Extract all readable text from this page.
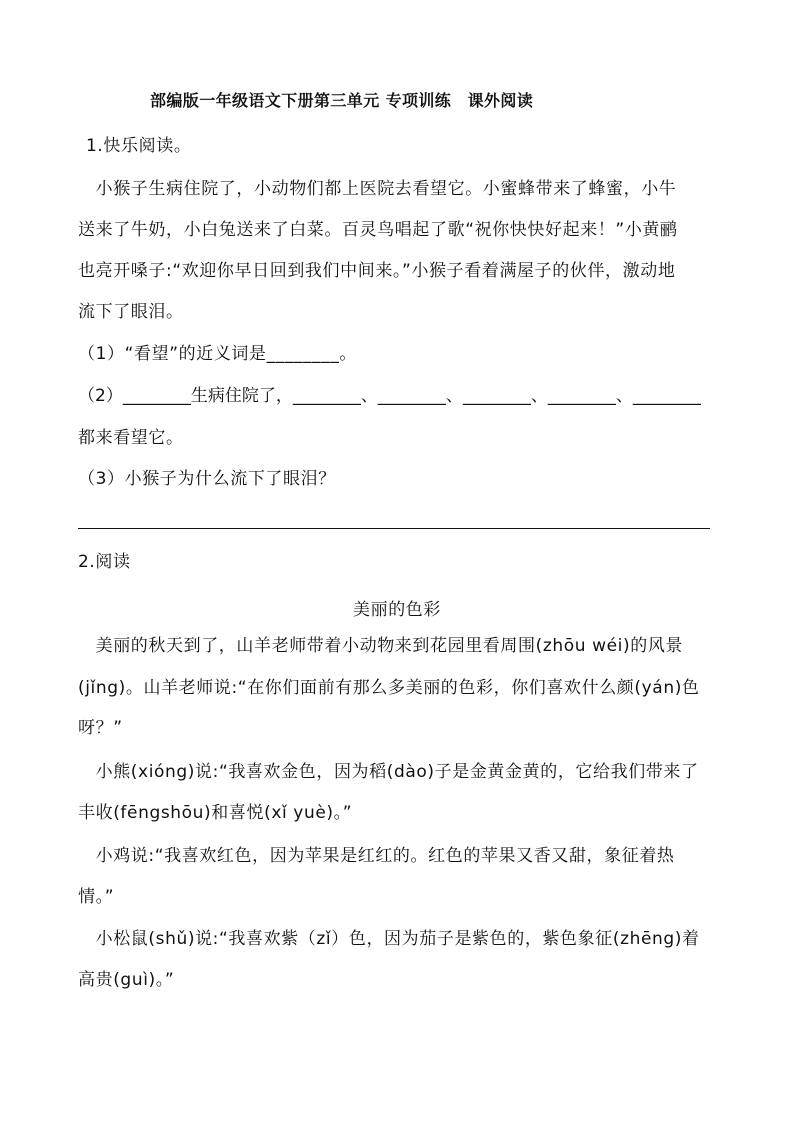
部编版一年级语文下册第三单元 专项训练　课外阅读
1.快乐阅读。
　小猴子生病住院了，小动物们都上医院去看望它。小蜜蜂带来了蜂蜜，小牛
送来了牛奶，小白兔送来了白菜。百灵鸟唱起了歌“祝你快快好起来！”小黄鹂
也亮开嗓子:“欢迎你早日回到我们中间来。”小猴子看着满屋子的伙伴，激动地
流下了眼泪。
（1）“看望”的近义词是________。
（2）________生病住院了，________、________、________、________、________
都来看望它。
（3）小猴子为什么流下了眼泪？
2.阅读
美丽的色彩
　美丽的秋天到了，山羊老师带着小动物来到花园里看周围(zhōu wéi)的风景
(jǐng)。山羊老师说:“在你们面前有那么多美丽的色彩，你们喜欢什么颜(yán)色
呀？”
　小熊(xióng)说:“我喜欢金色，因为稻(dào)子是金黄金黄的，它给我们带来了
丰收(fēngshōu)和喜悦(xǐ yuè)。”
　小鸡说:“我喜欢红色，因为苹果是红红的。红色的苹果又香又甜，象征着热
情。”
　小松鼠(shǔ)说:“我喜欢紫（zǐ）色，因为茄子是紫色的，紫色象征(zhēng)着
高贵(guì)。”
